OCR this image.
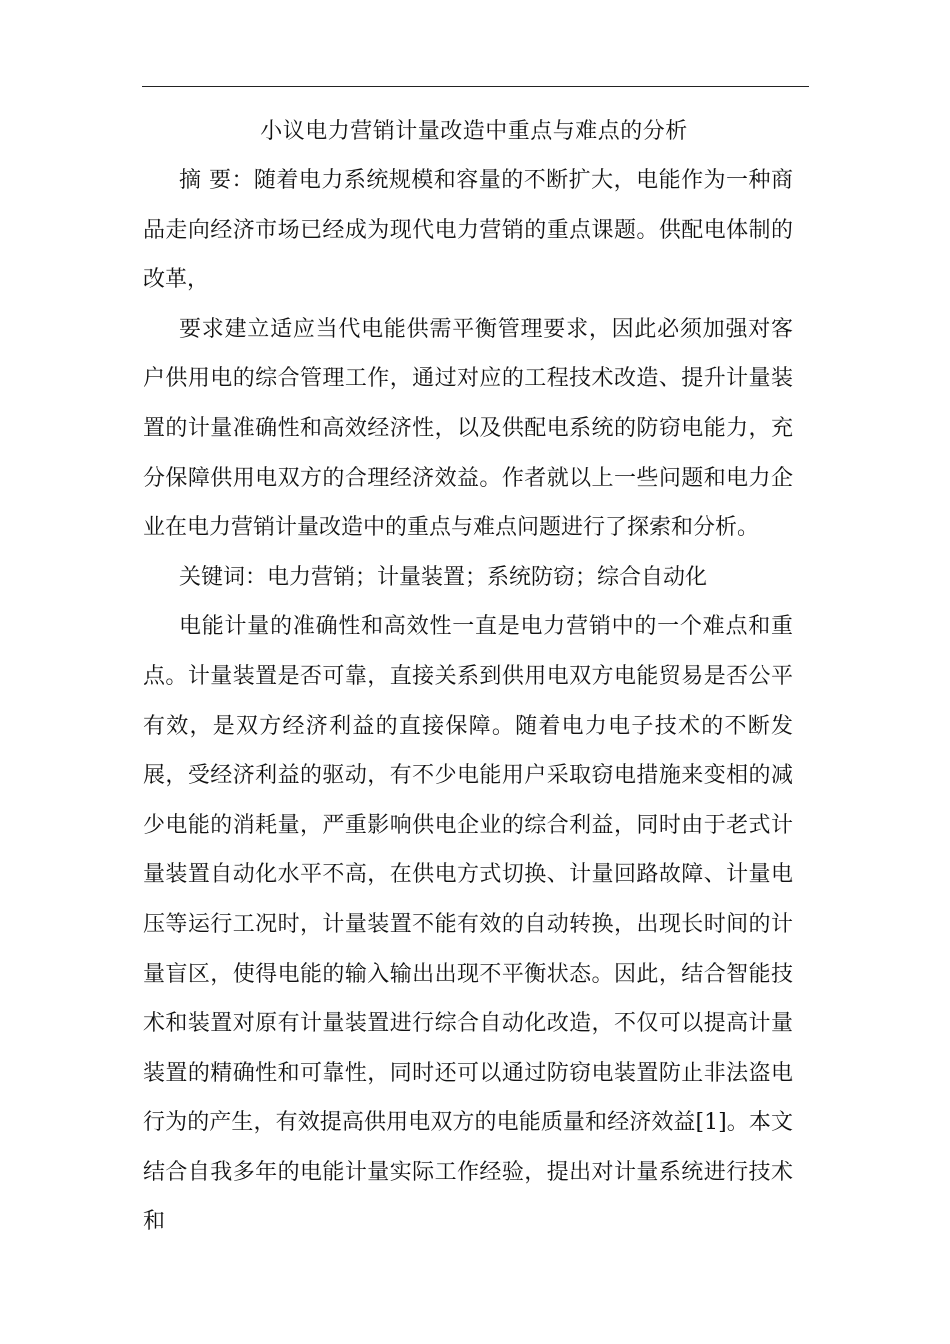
小议电力营销计量改造中重点与难点的分析

摘 要：随着电力系统规模和容量的不断扩大，电能作为一种商品走向经济市场已经成为现代电力营销的重点课题。供配电体制的改革，

要求建立适应当代电能供需平衡管理要求，因此必须加强对客户供用电的综合管理工作，通过对应的工程技术改造、提升计量装置的计量准确性和高效经济性，以及供配电系统的防窃电能力，充分保障供用电双方的合理经济效益。作者就以上一些问题和电力企业在电力营销计量改造中的重点与难点问题进行了探索和分析。

关键词：电力营销；计量装置；系统防窃；综合自动化

电能计量的准确性和高效性一直是电力营销中的一个难点和重点。计量装置是否可靠，直接关系到供用电双方电能贸易是否公平有效，是双方经济利益的直接保障。随着电力电子技术的不断发展，受经济利益的驱动，有不少电能用户采取窃电措施来变相的减少电能的消耗量，严重影响供电企业的综合利益，同时由于老式计量装置自动化水平不高，在供电方式切换、计量回路故障、计量电压等运行工况时，计量装置不能有效的自动转换，出现长时间的计量盲区，使得电能的输入输出出现不平衡状态。因此，结合智能技术和装置对原有计量装置进行综合自动化改造，不仅可以提高计量装置的精确性和可靠性，同时还可以通过防窃电装置防止非法盗电行为的产生，有效提高供用电双方的电能质量和经济效益[1]。本文结合自我多年的电能计量实际工作经验，提出对计量系统进行技术和
